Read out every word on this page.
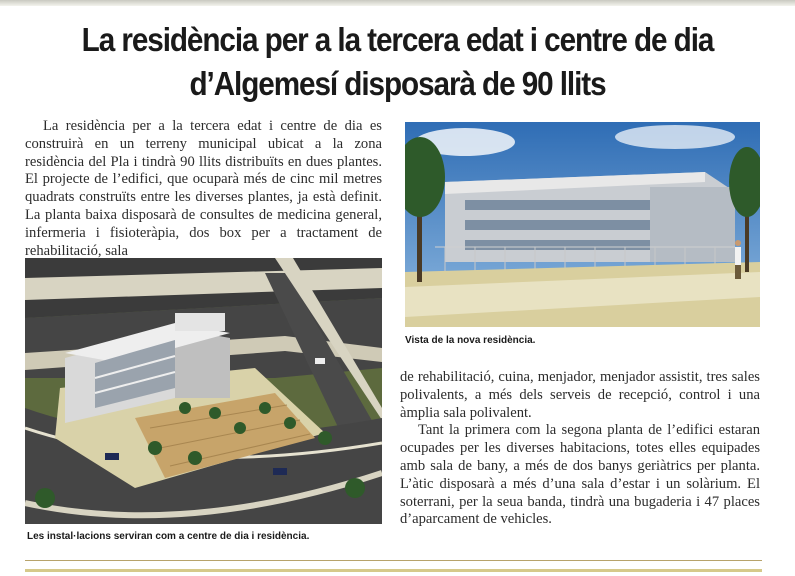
La residència per a la tercera edat i centre de dia
d’Algemesí disposarà de 90 llits

La residència per a la tercera edat i centre de dia es construirà en un terreny municipal ubicat a la zona residència del Pla i tindrà 90 llits distribuïts en dues plantes. El projecte de l’edifici, que ocuparà més de cinc mil metres quadrats construïts entre les diverses plantes, ja està definit. La planta baixa disposarà de consultes de medicina general, infermeria i fisioteràpia, dos box per a tractament de rehabilitació, sala

Vista de la nova residència.

de rehabilitació, cuina, menjador, menjador assistit, tres sales polivalents, a més dels serveis de recepció, control i una àmplia sala polivalent.

Tant la primera com la segona planta de l’edifici estaran ocupades per les diverses habitacions, totes elles equipades amb sala de bany, a més de dos banys geriàtrics per planta. L’àtic disposarà a més d’una sala d’estar i un solàrium. El soterrani, per la seua banda, tindrà una bugaderia i 47 places d’aparcament de vehicles.

Les instal·lacions serviran com a centre de dia i residència.
